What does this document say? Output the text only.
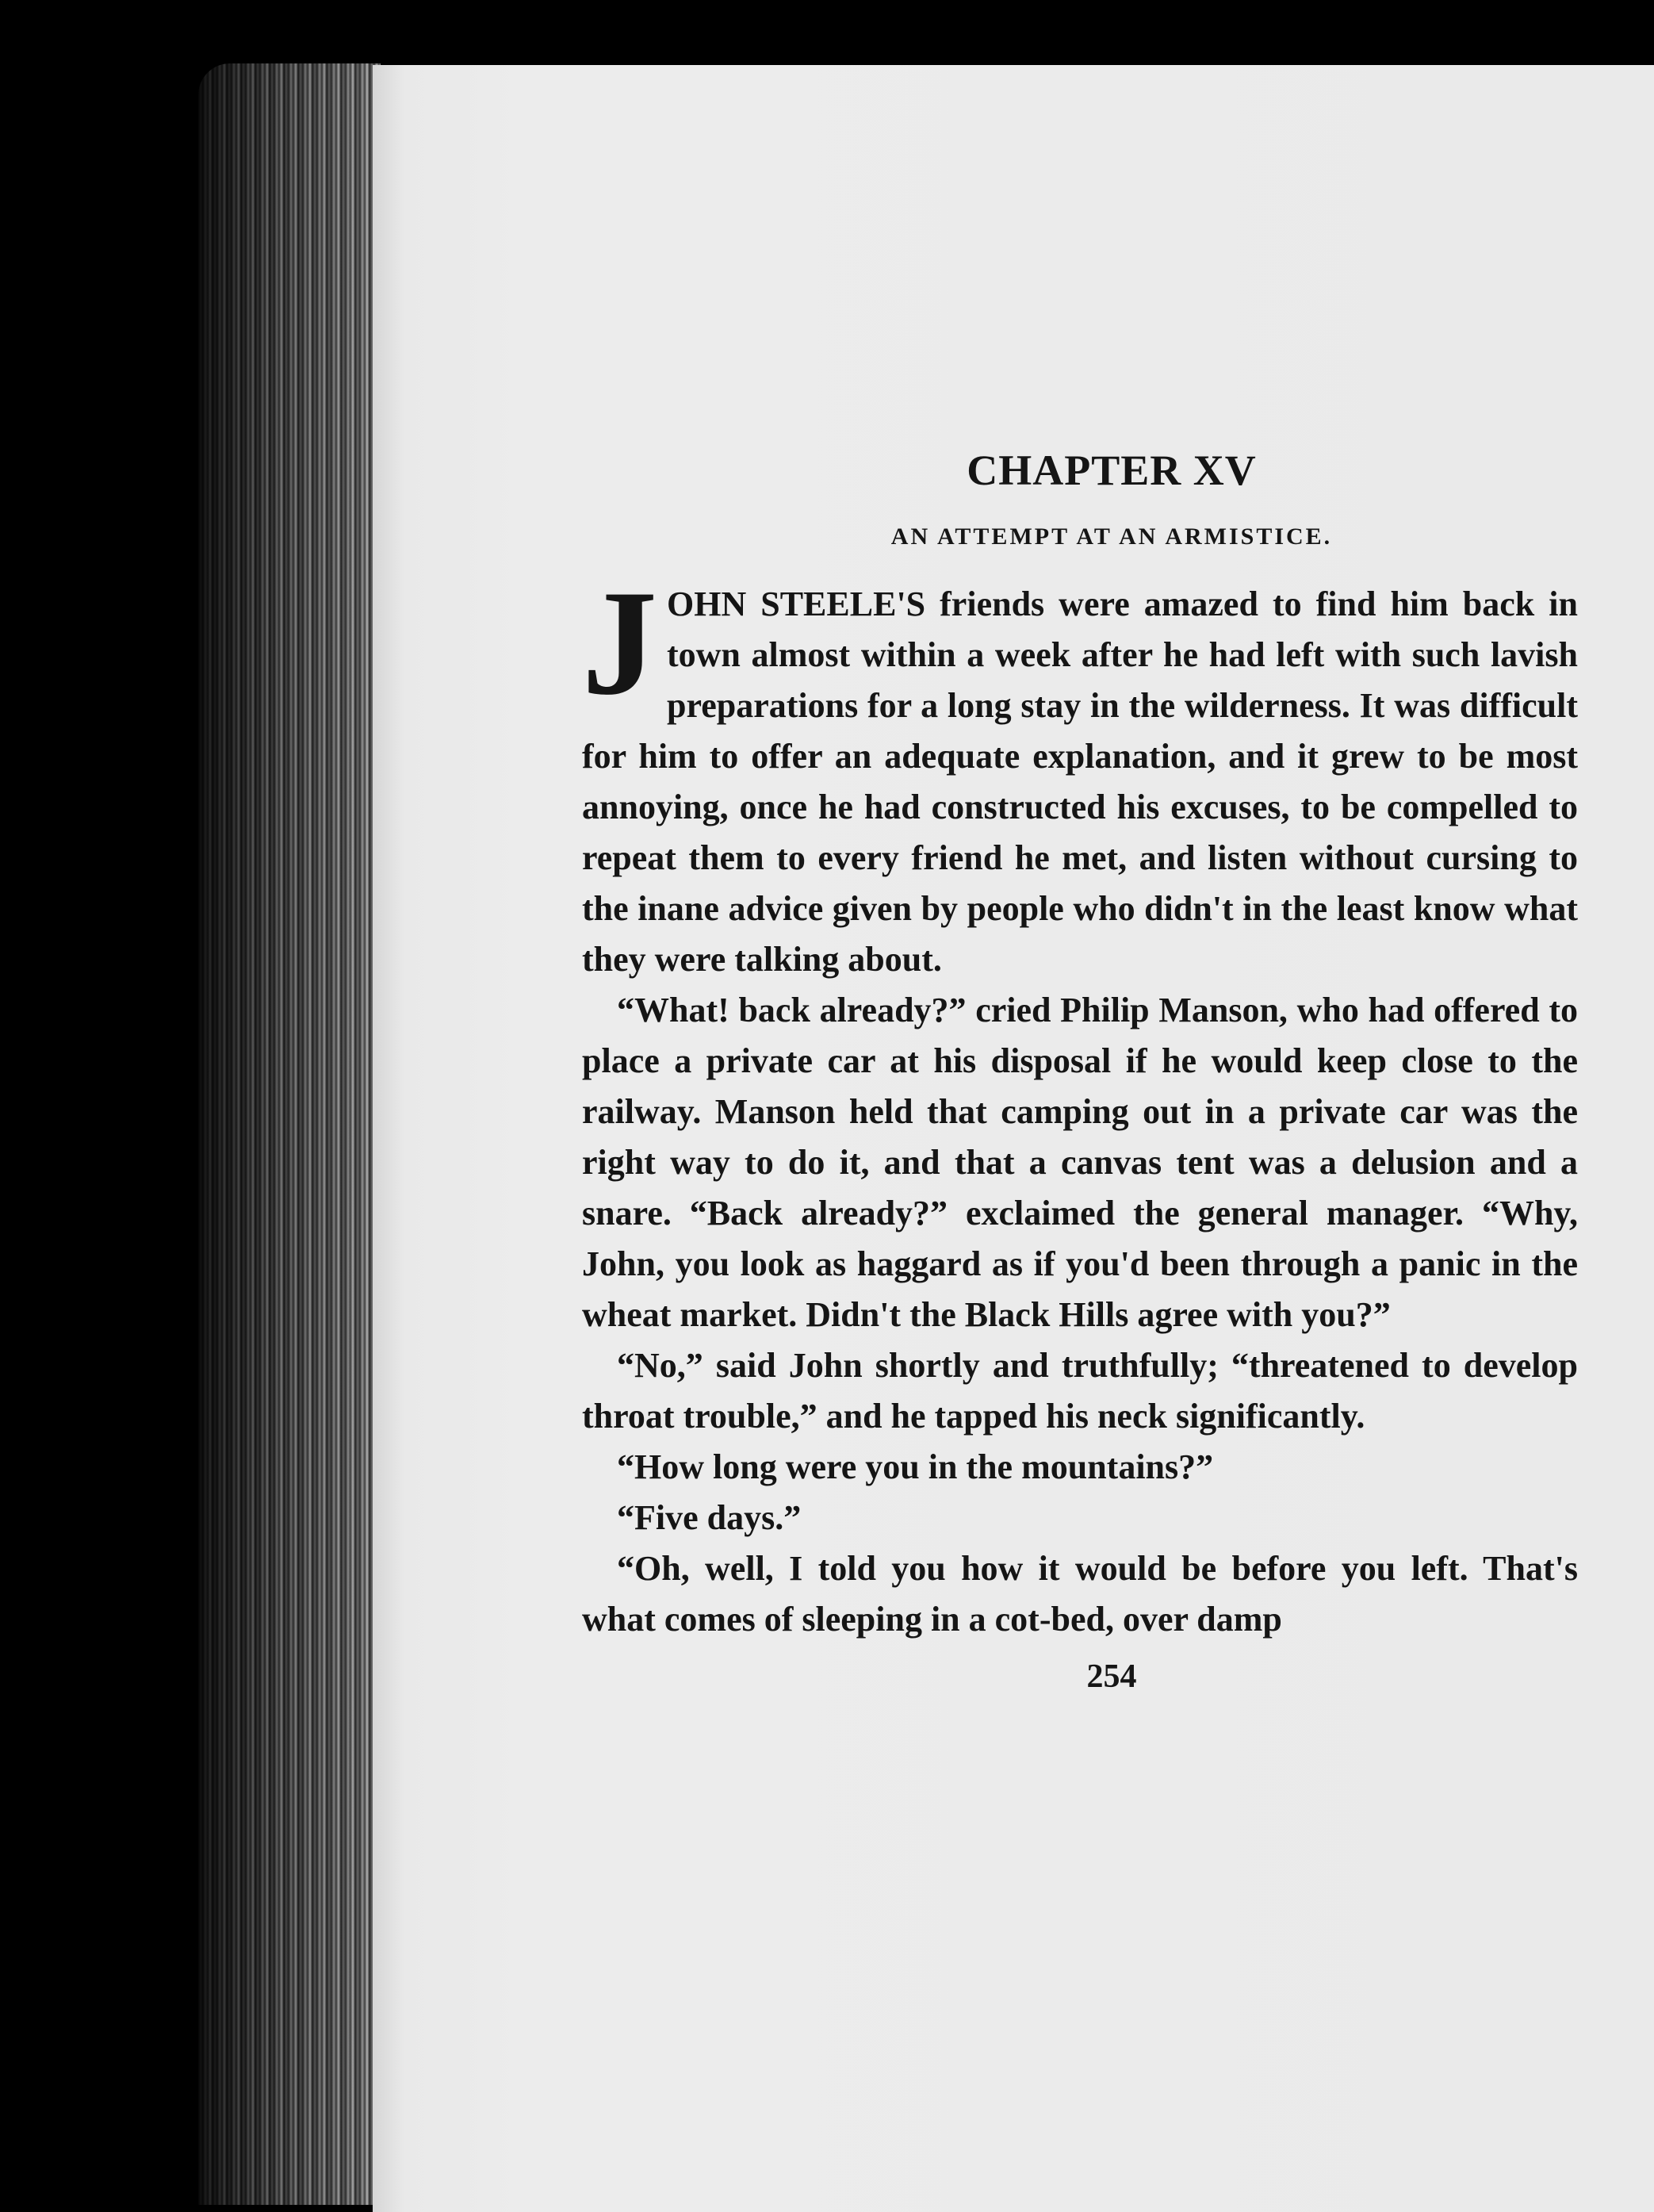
CHAPTER XV
AN ATTEMPT AT AN ARMISTICE.

JOHN STEELE'S friends were amazed to find him back in town almost within a week after he had left with such lavish preparations for a long stay in the wilderness. It was difficult for him to offer an adequate explanation, and it grew to be most annoying, once he had constructed his excuses, to be compelled to repeat them to every friend he met, and listen without cursing to the inane advice given by people who didn't in the least know what they were talking about.

“What! back already?” cried Philip Manson, who had offered to place a private car at his disposal if he would keep close to the railway. Manson held that camping out in a private car was the right way to do it, and that a canvas tent was a delusion and a snare. “Back already?” exclaimed the general manager. “Why, John, you look as haggard as if you'd been through a panic in the wheat market. Didn't the Black Hills agree with you?”

“No,” said John shortly and truthfully; “threatened to develop throat trouble,” and he tapped his neck significantly.

“How long were you in the mountains?”

“Five days.”

“Oh, well, I told you how it would be before you left. That's what comes of sleeping in a cot-bed, over damp

254
